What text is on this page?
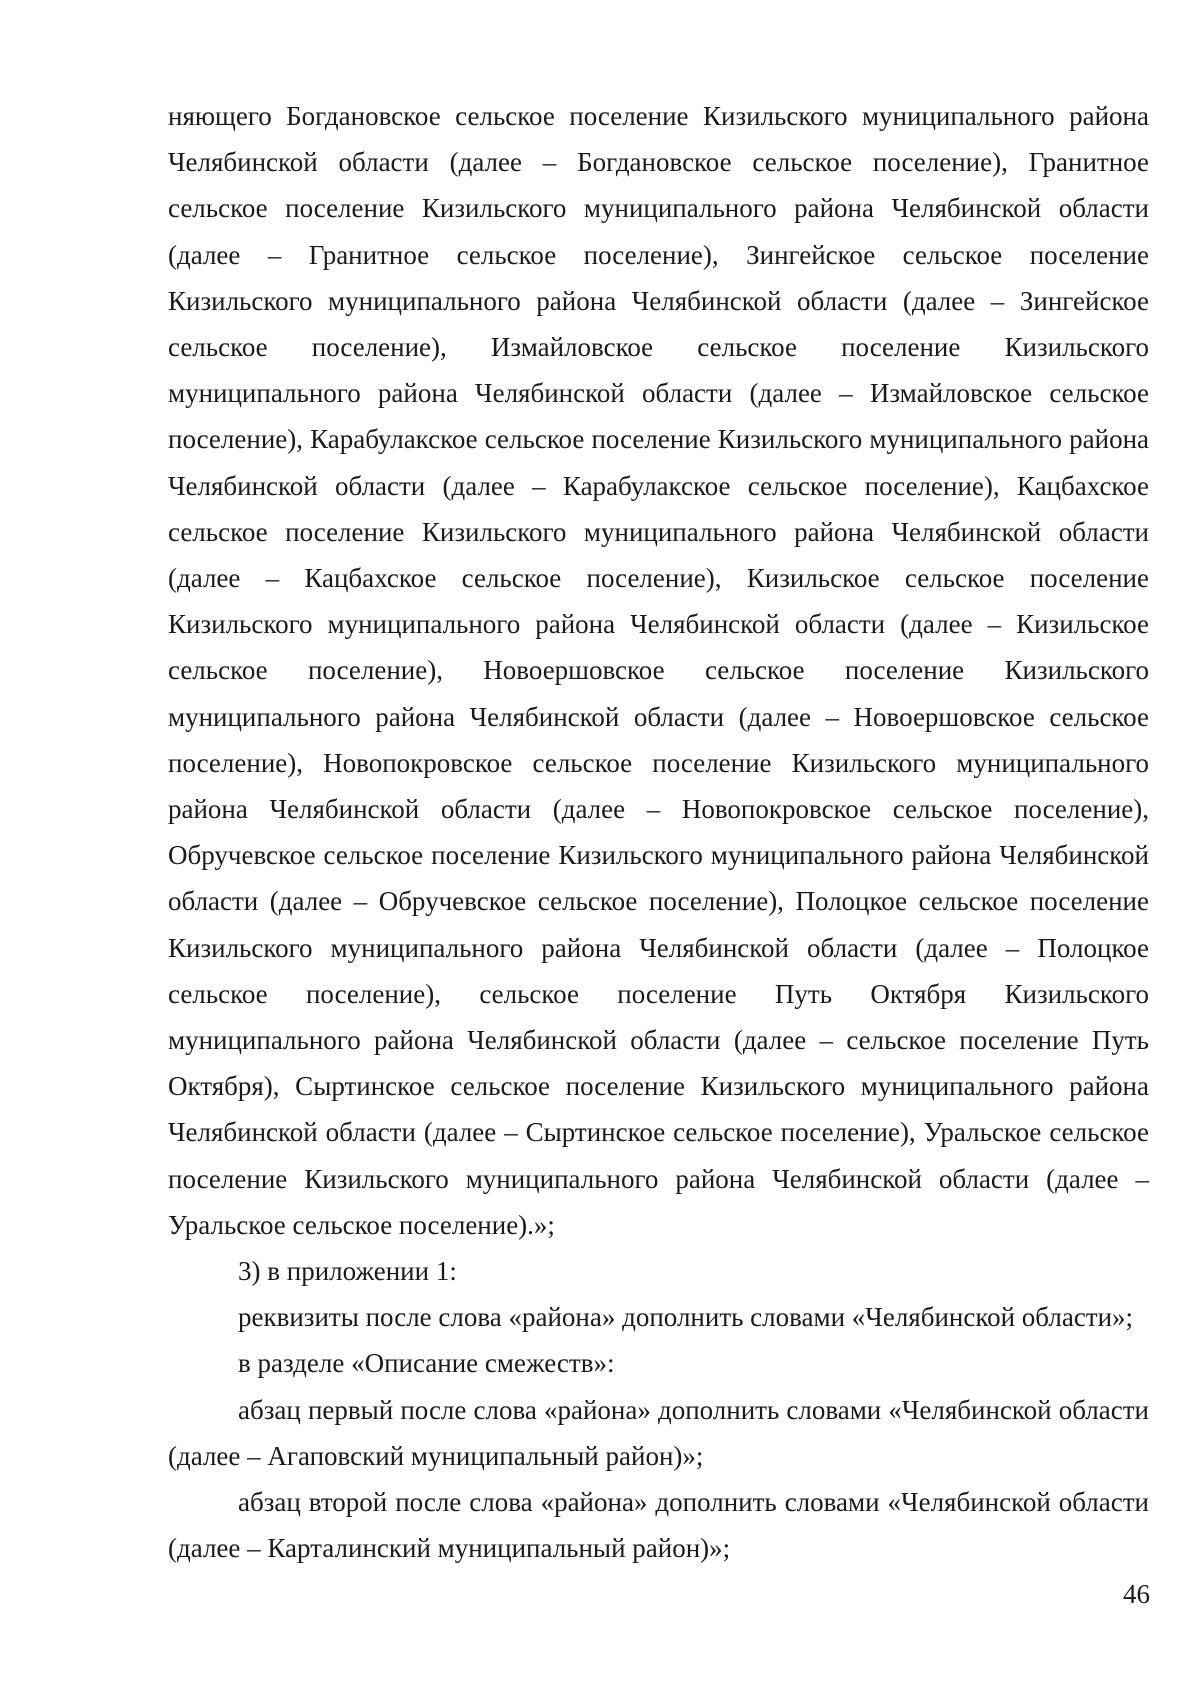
няющего Богдановское сельское поселение Кизильского муниципального района Челябинской области (далее – Богдановское сельское поселение), Гранитное сельское поселение Кизильского муниципального района Челябинской области (далее – Гранитное сельское поселение), Зингейское сельское поселение Кизильского муниципального района Челябинской области (далее – Зингейское сельское поселение), Измайловское сельское поселение Кизильского муниципального района Челябинской области (далее – Измайловское сельское поселение), Карабулакское сельское поселение Кизильского муниципального района Челябинской области (далее – Карабулакское сельское поселение), Кацбахское сельское поселение Кизильского муниципального района Челябинской области (далее – Кацбахское сельское поселение), Кизильское сельское поселение Кизильского муниципального района Челябинской области (далее – Кизильское сельское поселение), Новоершовское сельское поселение Кизильского муниципального района Челябинской области (далее – Новоершовское сельское поселение), Новопокровское сельское поселение Кизильского муниципального района Челябинской области (далее – Новопокровское сельское поселение), Обручевское сельское поселение Кизильского муниципального района Челябинской области (далее – Обручевское сельское поселение), Полоцкое сельское поселение Кизильского муниципального района Челябинской области (далее – Полоцкое сельское поселение), сельское поселение Путь Октября Кизильского муниципального района Челябинской области (далее – сельское поселение Путь Октября), Сыртинское сельское поселение Кизильского муниципального района Челябинской области (далее – Сыртинское сельское поселение), Уральское сельское поселение Кизильского муниципального района Челябинской области (далее – Уральское сельское поселение).»;

3) в приложении 1:

реквизиты после слова «района» дополнить словами «Челябинской области»;

в разделе «Описание смежеств»:

абзац первый после слова «района» дополнить словами «Челябинской области (далее – Агаповский муниципальный район)»;

абзац второй после слова «района» дополнить словами «Челябинской области (далее – Карталинский муниципальный район)»;

46
